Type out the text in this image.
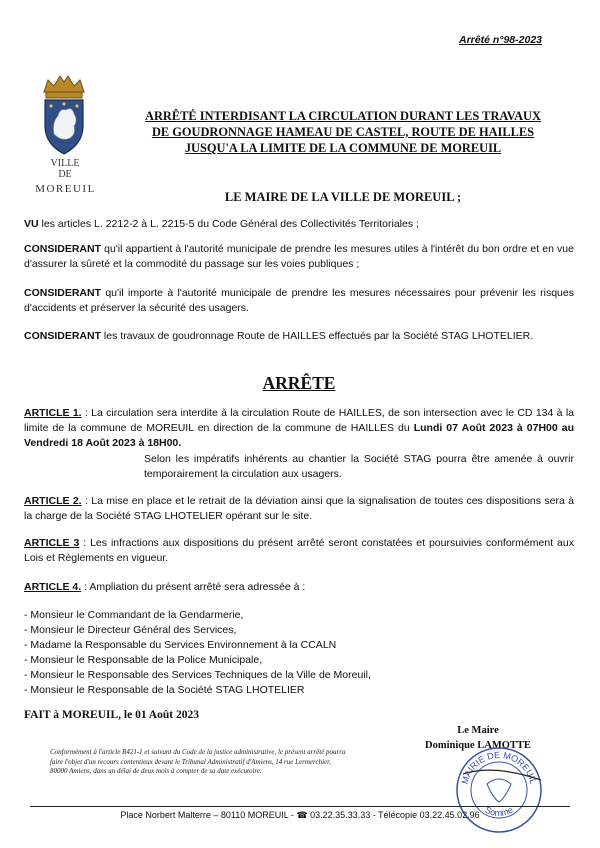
Arrêté n°98-2023
VILLE
DE
MOREUIL
ARRÊTÉ INTERDISANT LA CIRCULATION DURANT LES TRAVAUX
DE GOUDRONNAGE HAMEAU DE CASTEL, ROUTE DE HAILLES
JUSQU'A LA LIMITE DE LA COMMUNE DE MOREUIL
LE MAIRE DE LA VILLE DE MOREUIL ;
VU les articles L. 2212-2 à L. 2215-5 du Code Général des Collectivités Territoriales ;
CONSIDERANT qu'il appartient à l'autorité municipale de prendre les mesures utiles à l'intérêt du bon ordre et en vue d'assurer la sûreté et la commodité du passage sur les voies publiques ;
CONSIDERANT qu'il importe à l'autorité municipale de prendre les mesures nécessaires pour prévenir les risques d'accidents et préserver la sécurité des usagers.
CONSIDERANT les travaux de goudronnage Route de HAILLES effectués par la Société STAG LHOTELIER.
ARRÊTE
ARTICLE 1. : La circulation sera interdite à la circulation Route de HAILLES, de son intersection avec le CD 134 à la limite de la commune de MOREUIL en direction de la commune de HAILLES du Lundi 07 Août 2023 à 07H00 au Vendredi 18 Août 2023 à 18H00.
Selon les impératifs inhérents au chantier la Société STAG pourra être amenée à ouvrir temporairement la circulation aux usagers.
ARTICLE 2. : La mise en place et le retrait de la déviation ainsi que la signalisation de toutes ces dispositions sera à la charge de la Société STAG LHOTELIER opérant sur le site.
ARTICLE 3 : Les infractions aux dispositions du présent arrêté seront constatées et poursuivies conformément aux Lois et Règlements en vigueur.
ARTICLE 4. : Ampliation du présent arrêté sera adressée à :
- Monsieur le Commandant de la Gendarmerie,
- Monsieur le Directeur Général des Services,
- Madame la Responsable du Services Environnement à la CCALN
- Monsieur le Responsable de la Police Municipale,
- Monsieur le Responsable des Services Techniques de la Ville de Moreuil,
- Monsieur le Responsable de la Société STAG LHOTELIER
FAIT à MOREUIL, le 01 Août 2023
Le Maire
Dominique LAMOTTE
Conformément à l'article R421-1 et suivant du Code de la justice administrative, le présent arrêté pourra faire l'objet d'un recours contentieux devant le Tribunal Administratif d'Amiens, 14 rue Lermerchier, 80000 Amiens, dans un délai de deux mois à compter de sa date exécutoire.
MAIRIE DE MOREUIL
Somme
Place Norbert Malterre – 80110 MOREUIL - ☎ 03.22.35.33.33 - Télécopie 03.22.45.02.96
